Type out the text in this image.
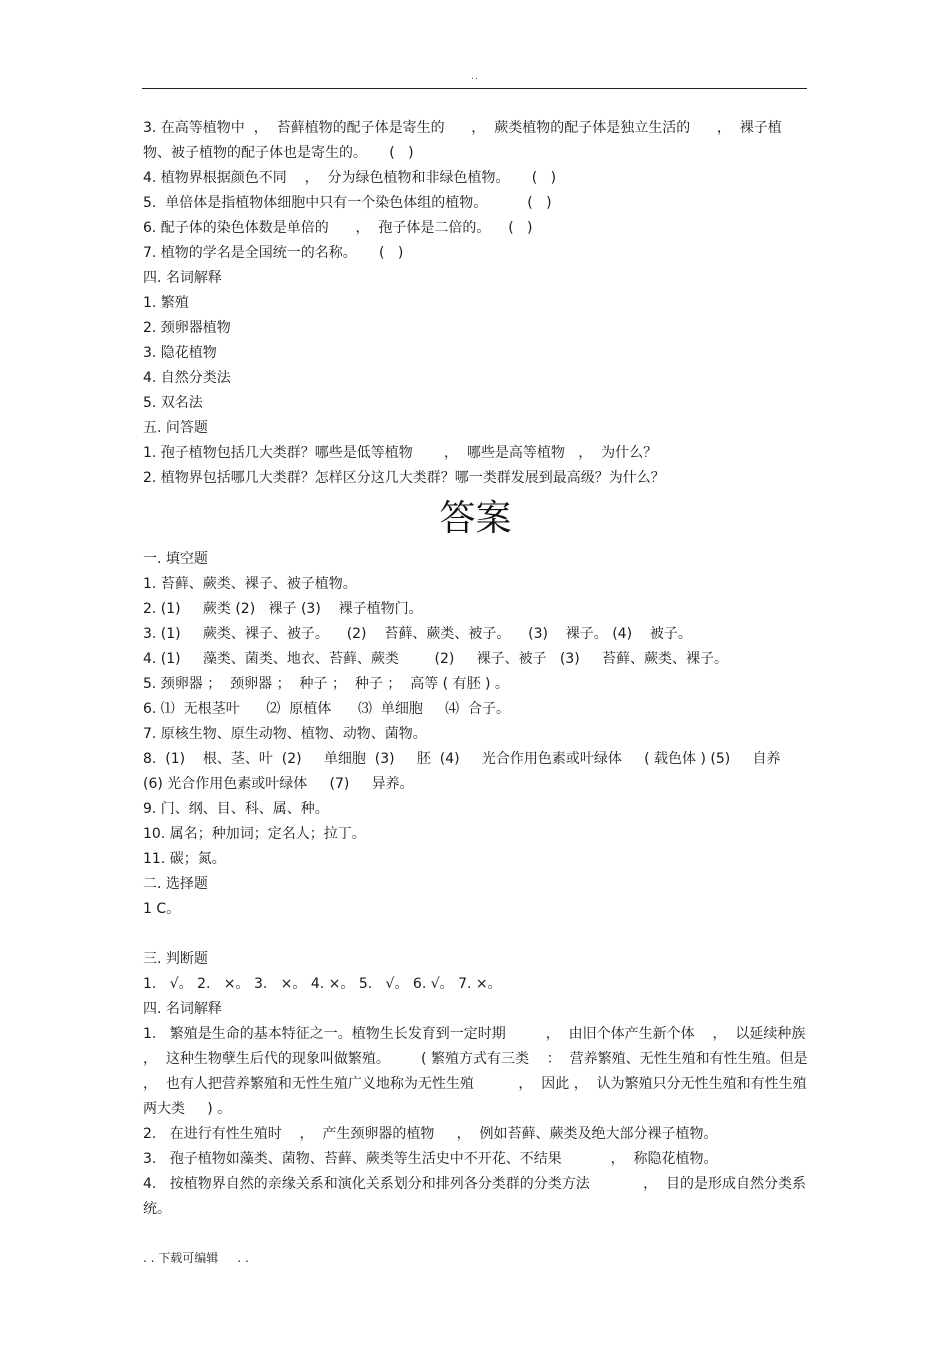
..

3. 在高等植物中  ，  苔藓植物的配子体是寄生的      ，  蕨类植物的配子体是独立生活的      ，  裸子植物、被子植物的配子体也是寄生的。     (   )

4. 植物界根据颜色不同    ，  分为绿色植物和非绿色植物。     (   )

5.  单倍体是指植物体细胞中只有一个染色体组的植物。         (   )

6. 配子体的染色体数是单倍的      ，  孢子体是二倍的。    (   )

7. 植物的学名是全国统一的名称。     (   )

四. 名词解释

1. 繁殖

2. 颈卵器植物

3. 隐花植物

4. 自然分类法

5. 双名法

五. 问答题

1. 孢子植物包括几大类群？哪些是低等植物       ，  哪些是高等植物   ，  为什么？

2. 植物界包括哪几大类群？怎样区分这几大类群？哪一类群发展到最高级？为什么？

答案

一. 填空题

1. 苔藓、蕨类、裸子、被子植物。

2. (1)     蕨类 (2)   裸子 (3)    裸子植物门。

3. (1)     蕨类、裸子、被子。    (2)    苔藓、蕨类、被子。    (3)    裸子。 (4)    被子。

4. (1)     藻类、菌类、地衣、苔藓、蕨类        (2)     裸子、被子   (3)     苔藓、蕨类、裸子。

5. 颈卵器 ；  颈卵器 ；  种子 ；  种子 ；  高等 ( 有胚 ) 。

6. ⑴  无根茎叶      ⑵  原植体      ⑶  单细胞     ⑷  合子。

7. 原核生物、原生动物、植物、动物、菌物。

8.  (1)    根、茎、叶  (2)     单细胞  (3)     胚  (4)     光合作用色素或叶绿体     ( 载色体 ) (5)     自养  (6) 光合作用色素或叶绿体     (7)     异养。

9. 门、纲、目、科、属、种。

10. 属名；种加词；定名人；拉丁。

11. 碳；氮。

二. 选择题

1 C。

三. 判断题

1.   √。 2.   ×。 3.   ×。 4. ×。 5.   √。 6. √。 7. ×。

四. 名词解释

1.   繁殖是生命的基本特征之一。植物生长发育到一定时期         ，  由旧个体产生新个体    ，  以延续种族 ，  这种生物孽生后代的现象叫做繁殖。       ( 繁殖方式有三类    ：  营养繁殖、无性生殖和有性生殖。但是 ，  也有人把营养繁殖和无性生殖广义地称为无性生殖          ，  因此 ，  认为繁殖只分无性生殖和有性生殖两大类     ) 。

2.   在进行有性生殖时    ，  产生颈卵器的植物     ，  例如苔藓、蕨类及绝大部分裸子植物。

3.   孢子植物如藻类、菌物、苔藓、蕨类等生活史中不开花、不结果           ，  称隐花植物。

4.   按植物界自然的亲缘关系和演化关系划分和排列各分类群的分类方法            ，  目的是形成自然分类系统。

. . 下载可编辑     . .
